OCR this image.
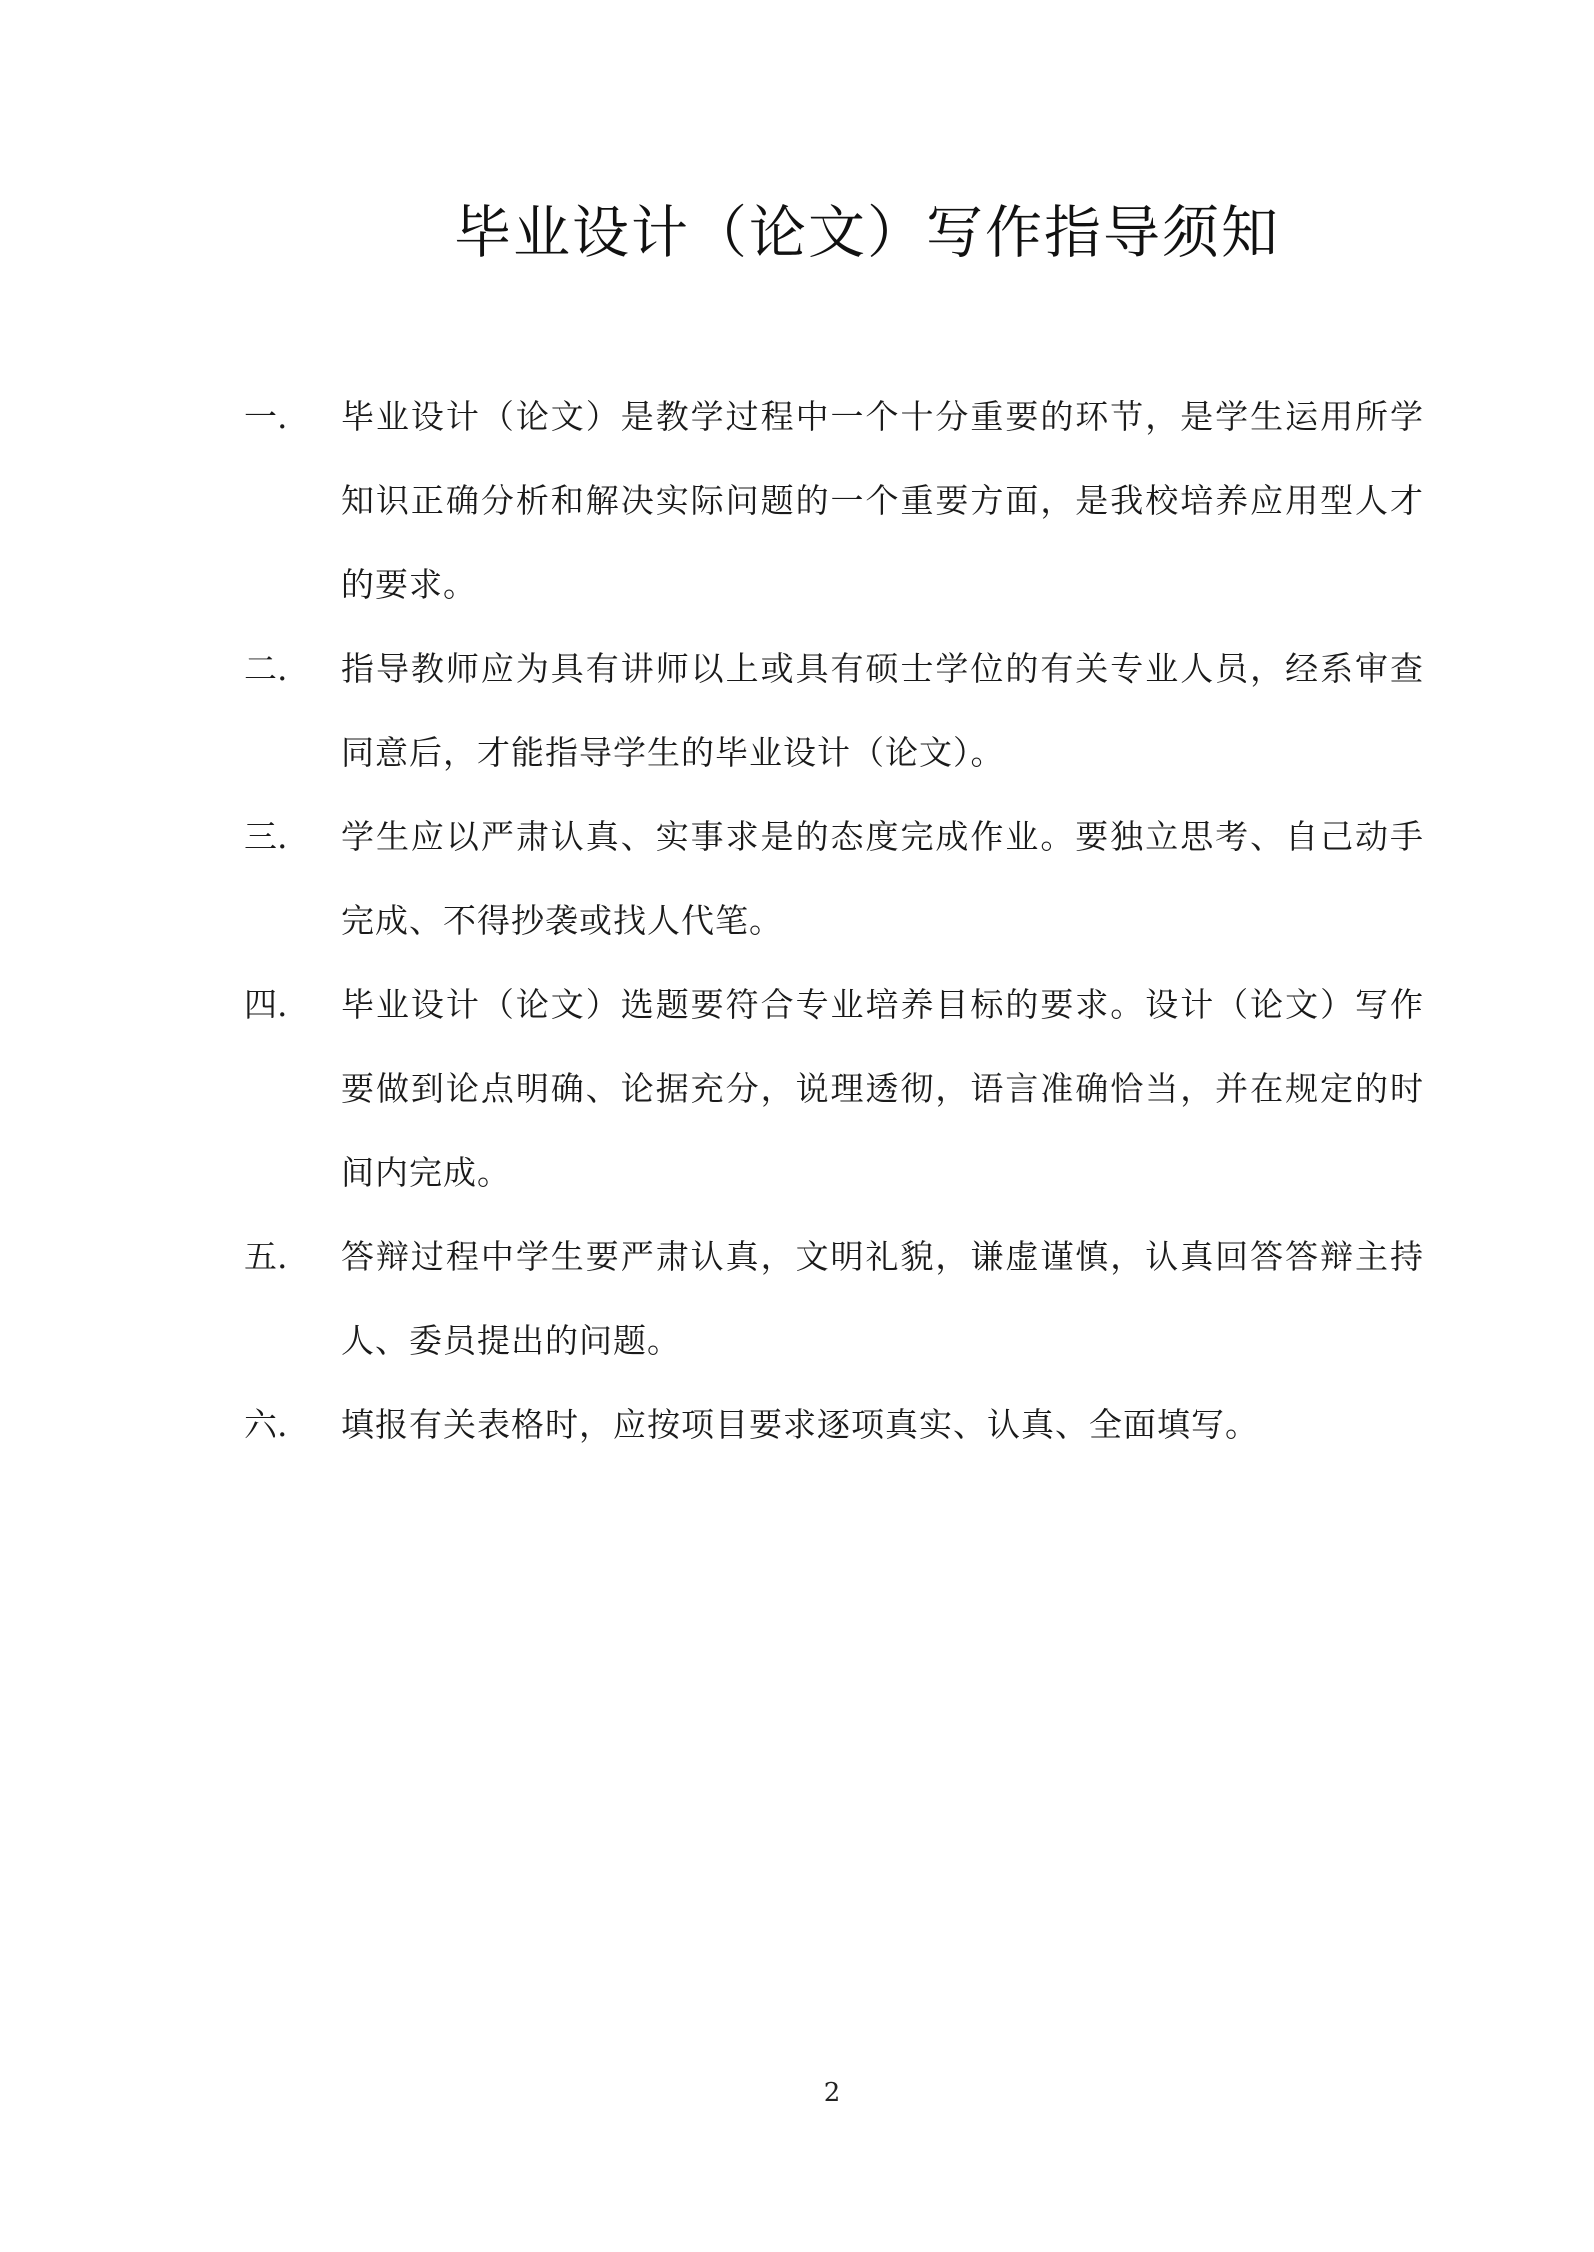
毕业设计（论文）写作指导须知
一.	毕业设计（论文）是教学过程中一个十分重要的环节，是学生运用所学知识正确分析和解决实际问题的一个重要方面，是我校培养应用型人才的要求。
二.	指导教师应为具有讲师以上或具有硕士学位的有关专业人员，经系审查同意后，才能指导学生的毕业设计（论文）。
三.	学生应以严肃认真、实事求是的态度完成作业。要独立思考、自己动手完成、不得抄袭或找人代笔。
四.	毕业设计（论文）选题要符合专业培养目标的要求。设计（论文）写作要做到论点明确、论据充分，说理透彻，语言准确恰当，并在规定的时间内完成。
五.	答辩过程中学生要严肃认真，文明礼貌，谦虚谨慎，认真回答答辩主持人、委员提出的问题。
六.	填报有关表格时，应按项目要求逐项真实、认真、全面填写。
2
